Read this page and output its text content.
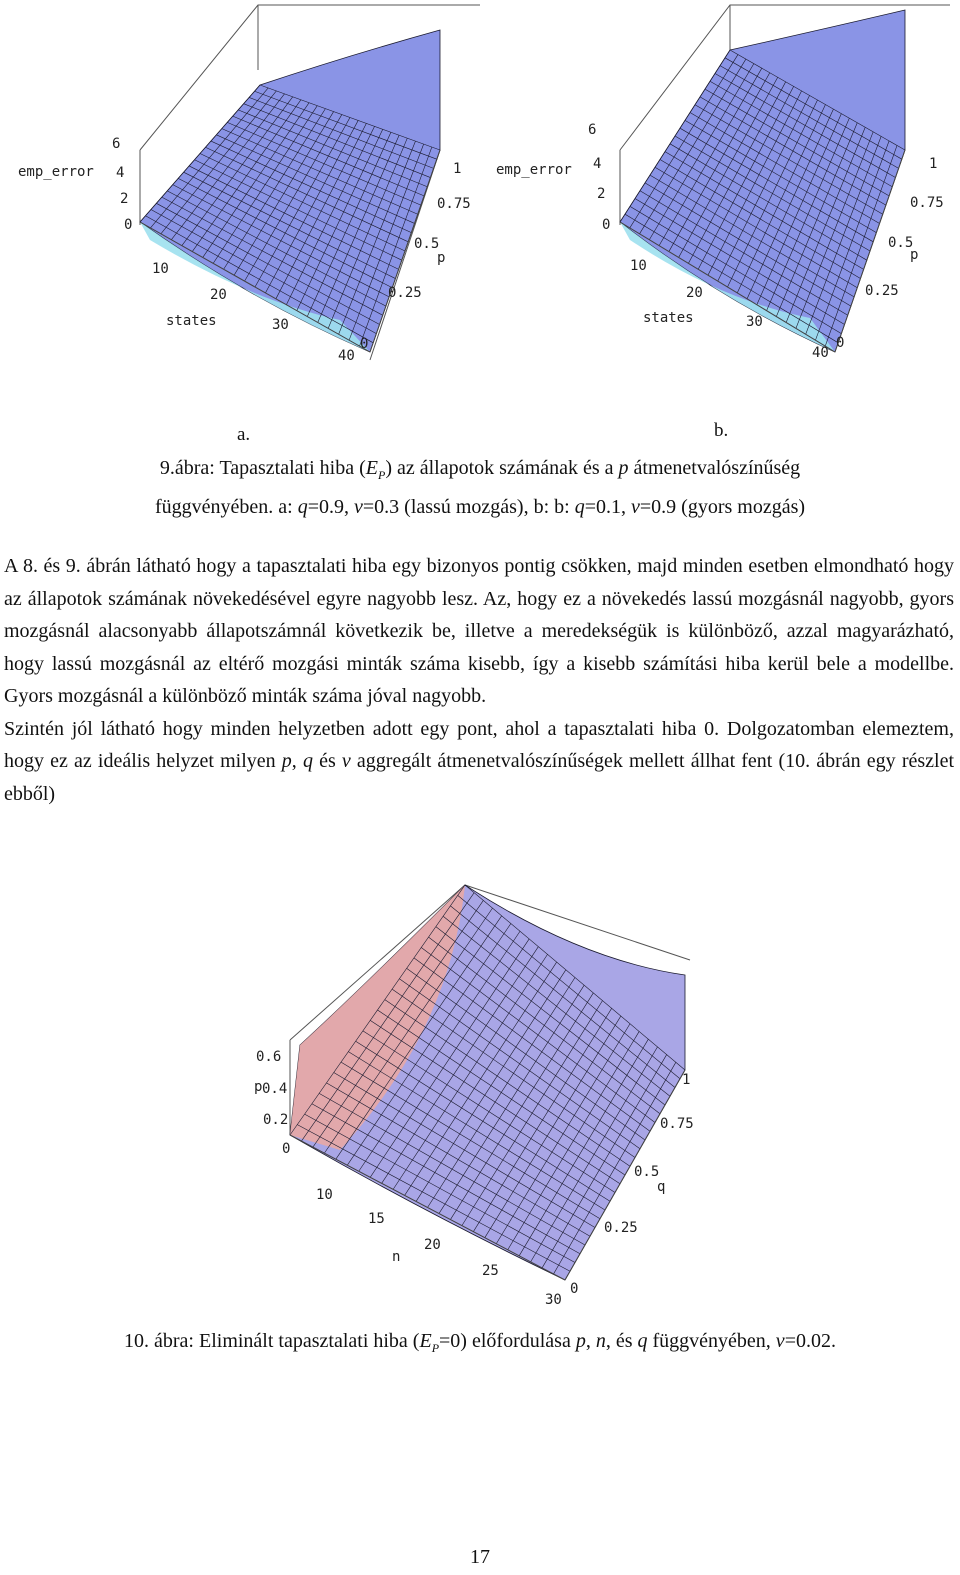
emp_error
6
4
2
0
10
20
30
40
states
1
0.75
0.5
0.25
0
p
emp_error
6
4
2
0
10
20
30
40
states
1
0.75
0.5
0.25
0
p
a.	b.
9.ábra: Tapasztalati hiba $(E_P)$ az állapotok számának és a p átmenetvalószínűség
függvényében. a: q=0.9, v=0.3 (lassú mozgás), b: b: q=0.1, v=0.9 (gyors mozgás)

A 8. és 9. ábrán látható hogy a tapasztalati hiba egy bizonyos pontig csökken, majd minden esetben elmondható hogy az állapotok számának növekedésével egyre nagyobb lesz. Az, hogy ez a növekedés lassú mozgásnál nagyobb, gyors mozgásnál alacsonyabb állapotszámnál következik be, illetve a meredekségük is különböző, azzal magyarázható, hogy lassú mozgásnál az eltérő mozgási minták száma kisebb, így a kisebb számítási hiba kerül bele a modellbe. Gyors mozgásnál a különböző minták száma jóval nagyobb.

Szintén jól látható hogy minden helyzetben adott egy pont, ahol a tapasztalati hiba 0. Dolgozatomban elemeztem, hogy ez az ideális helyzet milyen p, q és v aggregált átmenetvalószínűségek mellett állhat fent (10. ábrán egy részlet ebből)

0.6
p 0.4
0.2
0
10
15
20
25
30
n
1
0.75
0.5
0.25
0
q
10. ábra: Eliminált tapasztalati hiba $(E_P=0)$ előfordulása p, n, és q függvényében, v=0.02.
17
